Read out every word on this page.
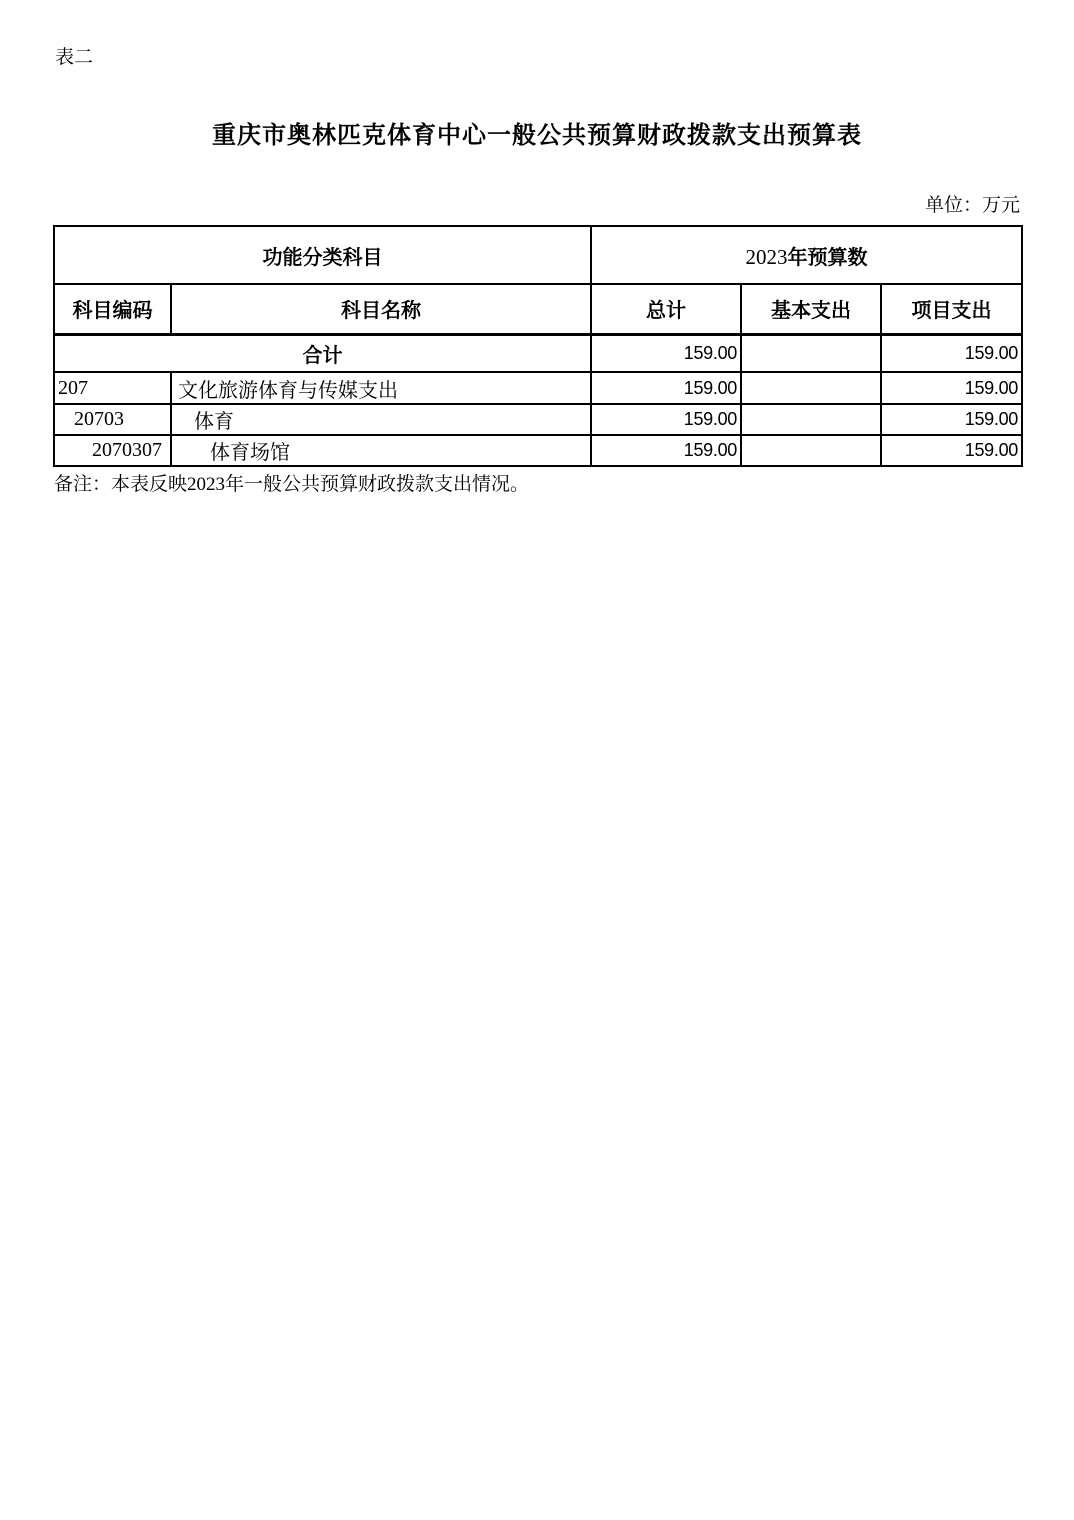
表二
重庆市奥林匹克体育中心一般公共预算财政拨款支出预算表
单位：万元
功能分类科目		2023年预算数		
科目编码	科目名称	总计	基本支出	项目支出
合计		159.00		159.00
207	文化旅游体育与传媒支出	159.00		159.00
20703	体育	159.00		159.00
2070307	体育场馆	159.00		159.00
备注：本表反映2023年一般公共预算财政拨款支出情况。
